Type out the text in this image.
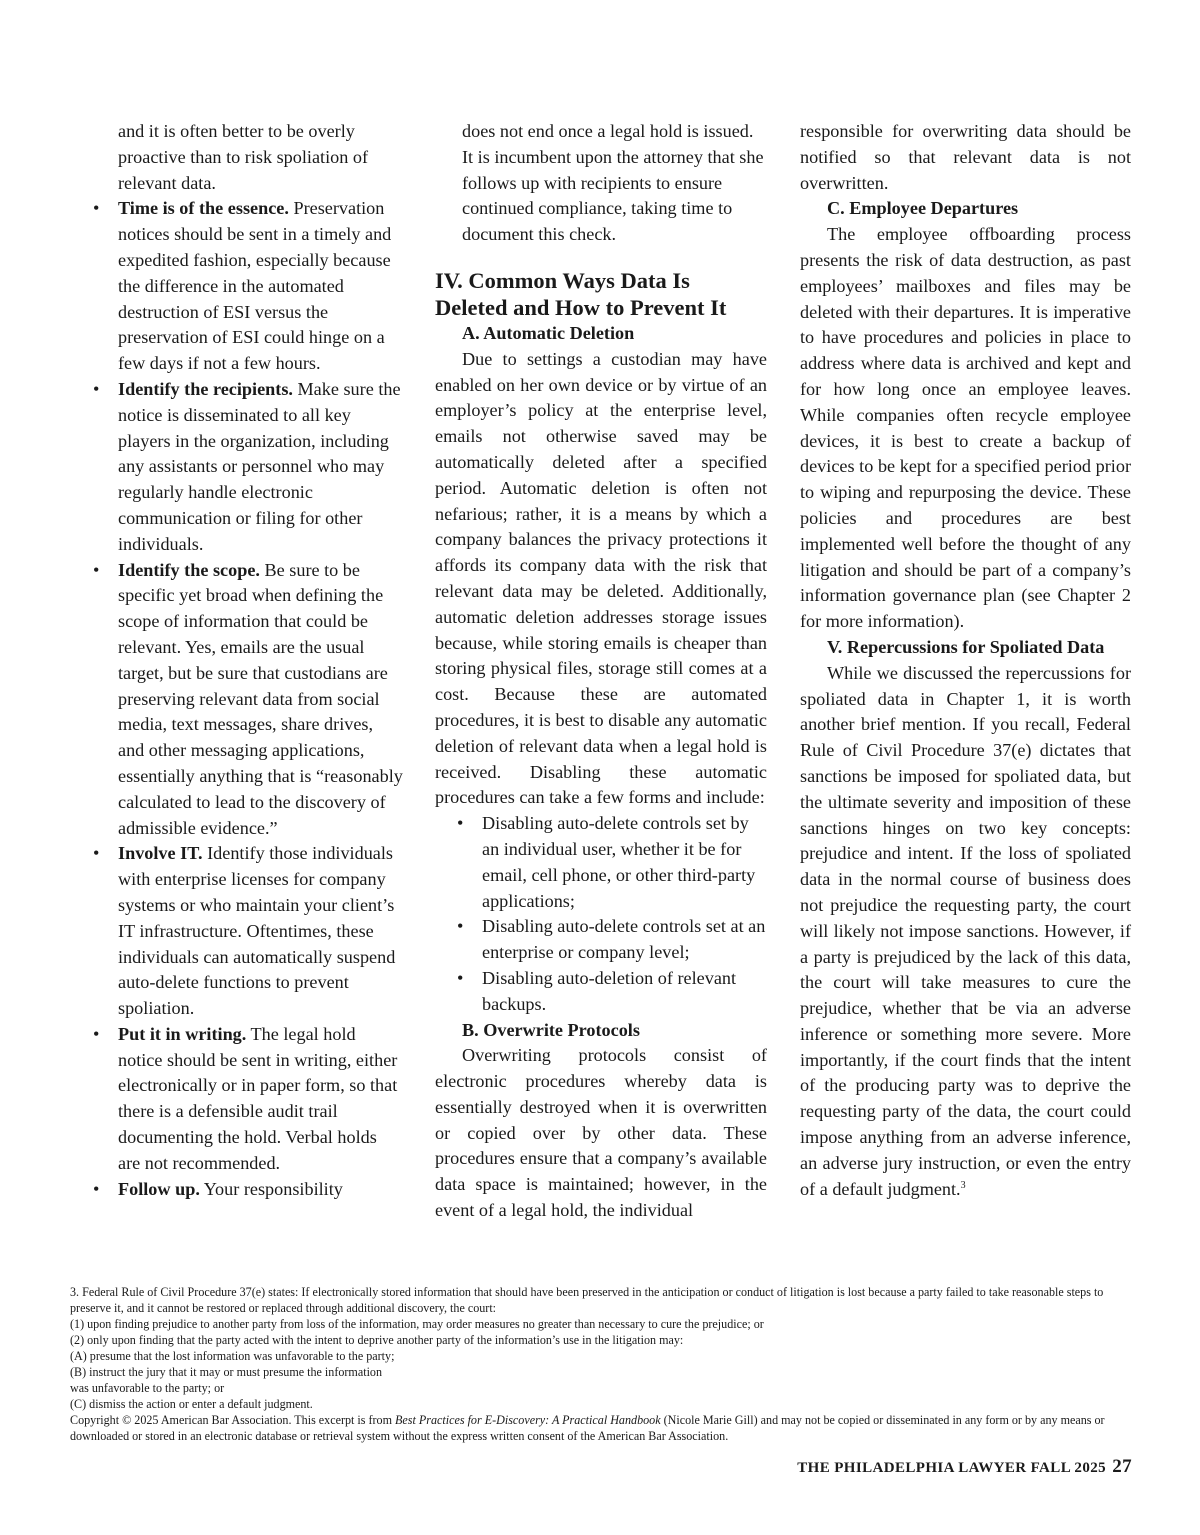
and it is often better to be overly proactive than to risk spoliation of relevant data.

• Time is of the essence. Preservation notices should be sent in a timely and expedited fashion, especially because the difference in the automated destruction of ESI versus the preservation of ESI could hinge on a few days if not a few hours.
• Identify the recipients. Make sure the notice is disseminated to all key players in the organization, including any assistants or personnel who may regularly handle electronic communication or filing for other individuals.
• Identify the scope. Be sure to be specific yet broad when defining the scope of information that could be relevant. Yes, emails are the usual target, but be sure that custodians are preserving relevant data from social media, text messages, share drives, and other messaging applications, essentially anything that is “reasonably calculated to lead to the discovery of admissible evidence.”
• Involve IT. Identify those individuals with enterprise licenses for company systems or who maintain your client’s IT infrastructure. Oftentimes, these individuals can automatically suspend auto-delete functions to prevent spoliation.
• Put it in writing. The legal hold notice should be sent in writing, either electronically or in paper form, so that there is a defensible audit trail documenting the hold. Verbal holds are not recommended.
• Follow up. Your responsibility

does not end once a legal hold is issued. It is incumbent upon the attorney that she follows up with recipients to ensure continued compliance, taking time to document this check.

IV. Common Ways Data Is Deleted and How to Prevent It
A. Automatic Deletion

Due to settings a custodian may have enabled on her own device or by virtue of an employer’s policy at the enterprise level, emails not otherwise saved may be automatically deleted after a specified period. Automatic deletion is often not nefarious; rather, it is a means by which a company balances the privacy protections it affords its company data with the risk that relevant data may be deleted. Additionally, automatic deletion addresses storage issues because, while storing emails is cheaper than storing physical files, storage still comes at a cost. Because these are automated procedures, it is best to disable any automatic deletion of relevant data when a legal hold is received. Disabling these automatic procedures can take a few forms and include:

• Disabling auto-delete controls set by an individual user, whether it be for email, cell phone, or other third-party applications;
• Disabling auto-delete controls set at an enterprise or company level;
• Disabling auto-deletion of relevant backups.
B. Overwrite Protocols

Overwriting protocols consist of electronic procedures whereby data is essentially destroyed when it is overwritten or copied over by other data. These procedures ensure that a company’s available data space is maintained; however, in the event of a legal hold, the individual

responsible for overwriting data should be notified so that relevant data is not overwritten.

C. Employee Departures

The employee offboarding process presents the risk of data destruction, as past employees’ mailboxes and files may be deleted with their departures. It is imperative to have procedures and policies in place to address where data is archived and kept and for how long once an employee leaves. While companies often recycle employee devices, it is best to create a backup of devices to be kept for a specified period prior to wiping and repurposing the device. These policies and procedures are best implemented well before the thought of any litigation and should be part of a company’s information governance plan (see Chapter 2 for more information).

V. Repercussions for Spoliated Data

While we discussed the repercussions for spoliated data in Chapter 1, it is worth another brief mention. If you recall, Federal Rule of Civil Procedure 37(e) dictates that sanctions be imposed for spoliated data, but the ultimate severity and imposition of these sanctions hinges on two key concepts: prejudice and intent. If the loss of spoliated data in the normal course of business does not prejudice the requesting party, the court will likely not impose sanctions. However, if a party is prejudiced by the lack of this data, the court will take measures to cure the prejudice, whether that be via an adverse inference or something more severe. More importantly, if the court finds that the intent of the producing party was to deprive the requesting party of the data, the court could impose anything from an adverse inference, an adverse jury instruction, or even the entry of a default judgment.$^3$

3. Federal Rule of Civil Procedure 37(e) states: If electronically stored information that should have been preserved in the anticipation or conduct of litigation is lost because a party failed to take reasonable steps to preserve it, and it cannot be restored or replaced through additional discovery, the court:

(1) upon finding prejudice to another party from loss of the information, may order measures no greater than necessary to cure the prejudice; or

(2) only upon finding that the party acted with the intent to deprive another party of the information’s use in the litigation may:

(A) presume that the lost information was unfavorable to the party;

(B) instruct the jury that it may or must presume the information

was unfavorable to the party; or

(C) dismiss the action or enter a default judgment.

Copyright © 2025 American Bar Association. This excerpt is from Best Practices for E-Discovery: A Practical Handbook (Nicole Marie Gill) and may not be copied or disseminated in any form or by any means or downloaded or stored in an electronic database or retrieval system without the express written consent of the American Bar Association.

THE PHILADELPHIA LAWYER FALL 2025 27
